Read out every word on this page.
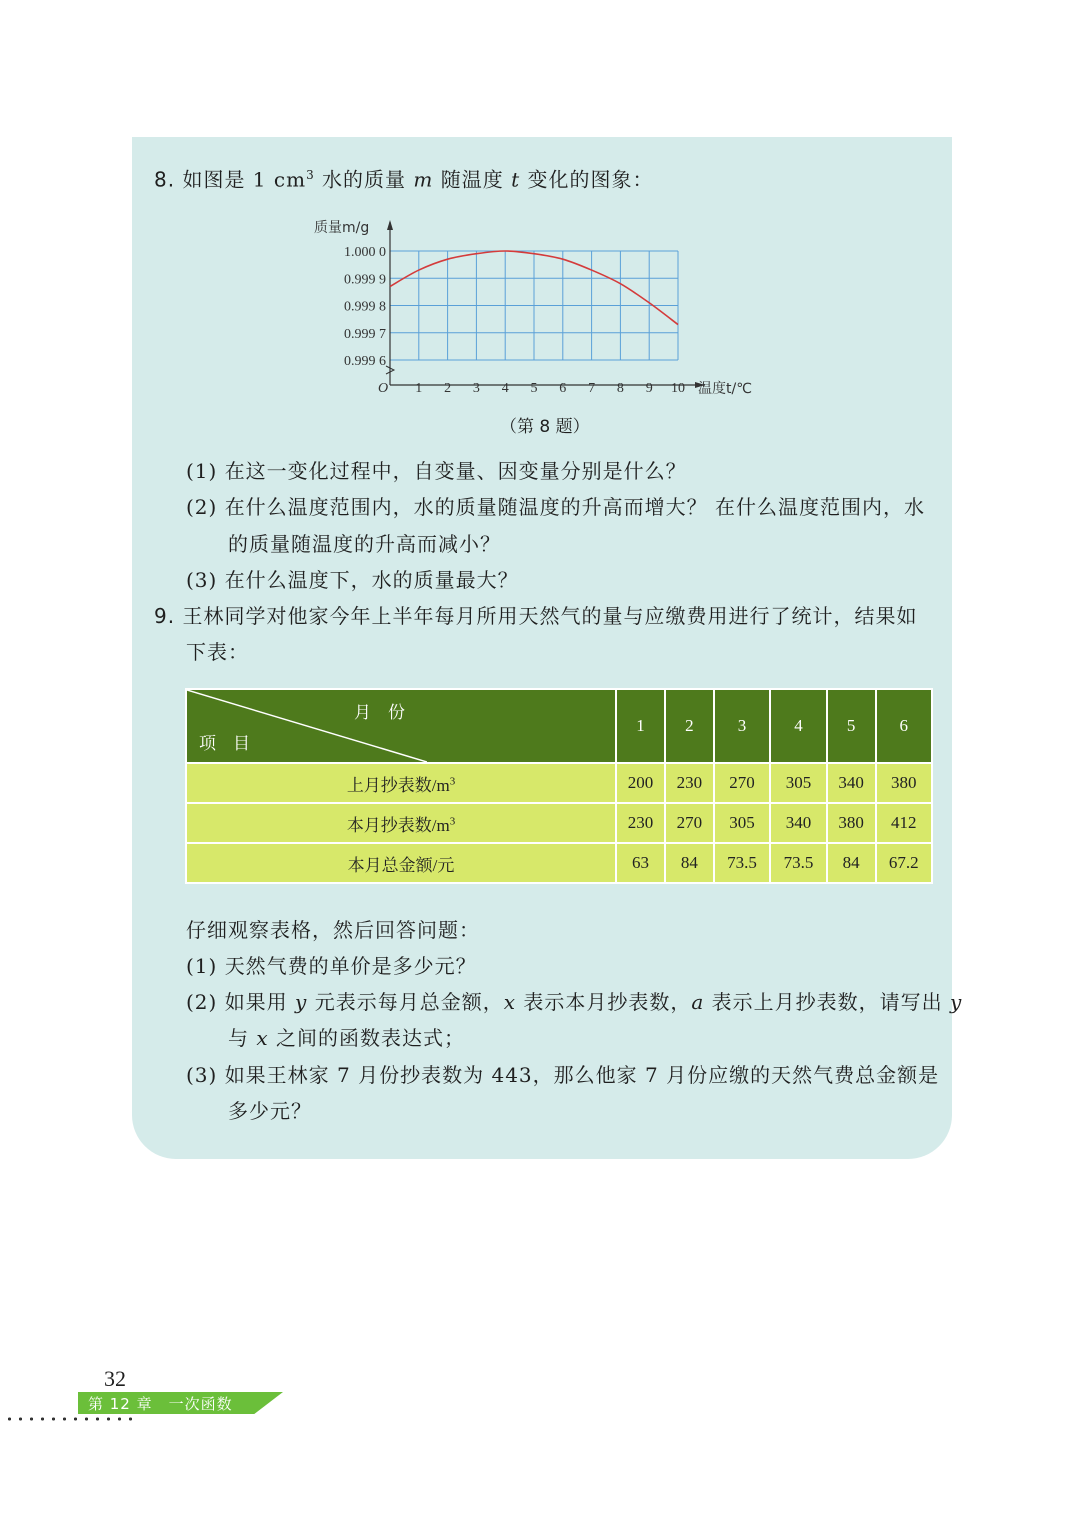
8. 如图是 1 $cm^3$ 水的质量 m 随温度 t 变化的图象：
1 2 3 4 5 6 7 8 9 10
0.999 6
0.999 7
0.999 8
0.999 9
1.000 0
质量m/g
温度t/℃
O
（第 8 题）
(1) 在这一变化过程中，自变量、因变量分别是什么？
(2) 在什么温度范围内，水的质量随温度的升高而增大？ 在什么温度范围内，水
的质量随温度的升高而减小？
(3) 在什么温度下，水的质量最大？
9. 王林同学对他家今年上半年每月所用天然气的量与应缴费用进行了统计，结果如
下表：
月　份
项　目	1	2	3	4	5	6
上月抄表数$/m^3$	200	230	270	305	340	380
本月抄表数$/m^3$	230	270	305	340	380	412
本月总金额/元	63	84	73.5	73.5	84	67.2
仔细观察表格，然后回答问题：
(1) 天然气费的单价是多少元？
(2) 如果用 y 元表示每月总金额，x 表示本月抄表数，a 表示上月抄表数，请写出 y
与 x 之间的函数表达式；
(3) 如果王林家 7 月份抄表数为 443，那么他家 7 月份应缴的天然气费总金额是
多少元？
32
第 12 章　一次函数
